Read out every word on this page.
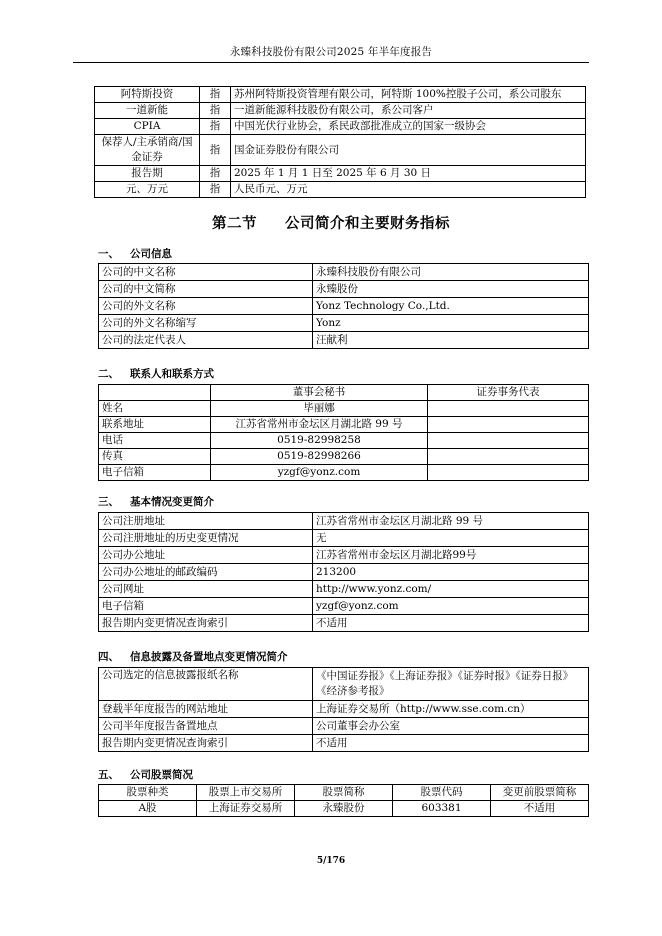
永臻科技股份有限公司2025 年半年度报告
阿特斯投资	指	苏州阿特斯投资管理有限公司，阿特斯 100%控股子公司，系公司股东
一道新能	指	一道新能源科技股份有限公司，系公司客户
CPIA	指	中国光伏行业协会，系民政部批准成立的国家一级协会
保荐人/主承销商/国金证券	指	国金证券股份有限公司
报告期	指	2025 年 1 月 1 日至 2025 年 6 月 30 日
元、万元	指	人民币元、万元
第二节 公司简介和主要财务指标
一、 公司信息
公司的中文名称	永臻科技股份有限公司
公司的中文简称	永臻股份
公司的外文名称	Yonz Technology Co.,Ltd.
公司的外文名称缩写	Yonz
公司的法定代表人	汪献利
二、 联系人和联系方式
	董事会秘书	证券事务代表
姓名	毕丽娜	
联系地址	江苏省常州市金坛区月湖北路 99 号	
电话	0519-82998258	
传真	0519-82998266	
电子信箱	yzgf@yonz.com	
三、 基本情况变更简介
公司注册地址	江苏省常州市金坛区月湖北路 99 号
公司注册地址的历史变更情况	无
公司办公地址	江苏省常州市金坛区月湖北路99号
公司办公地址的邮政编码	213200
公司网址	http://www.yonz.com/
电子信箱	yzgf@yonz.com
报告期内变更情况查询索引	不适用
四、 信息披露及备置地点变更情况简介
公司选定的信息披露报纸名称	《中国证券报》《上海证券报》《证券时报》《证券日报》《经济参考报》
登载半年度报告的网站地址	上海证券交易所（http://www.sse.com.cn）
公司半年度报告备置地点	公司董事会办公室
报告期内变更情况查询索引	不适用
五、 公司股票简况
股票种类	股票上市交易所	股票简称	股票代码	变更前股票简称
A股	上海证券交易所	永臻股份	603381	不适用
5/176
